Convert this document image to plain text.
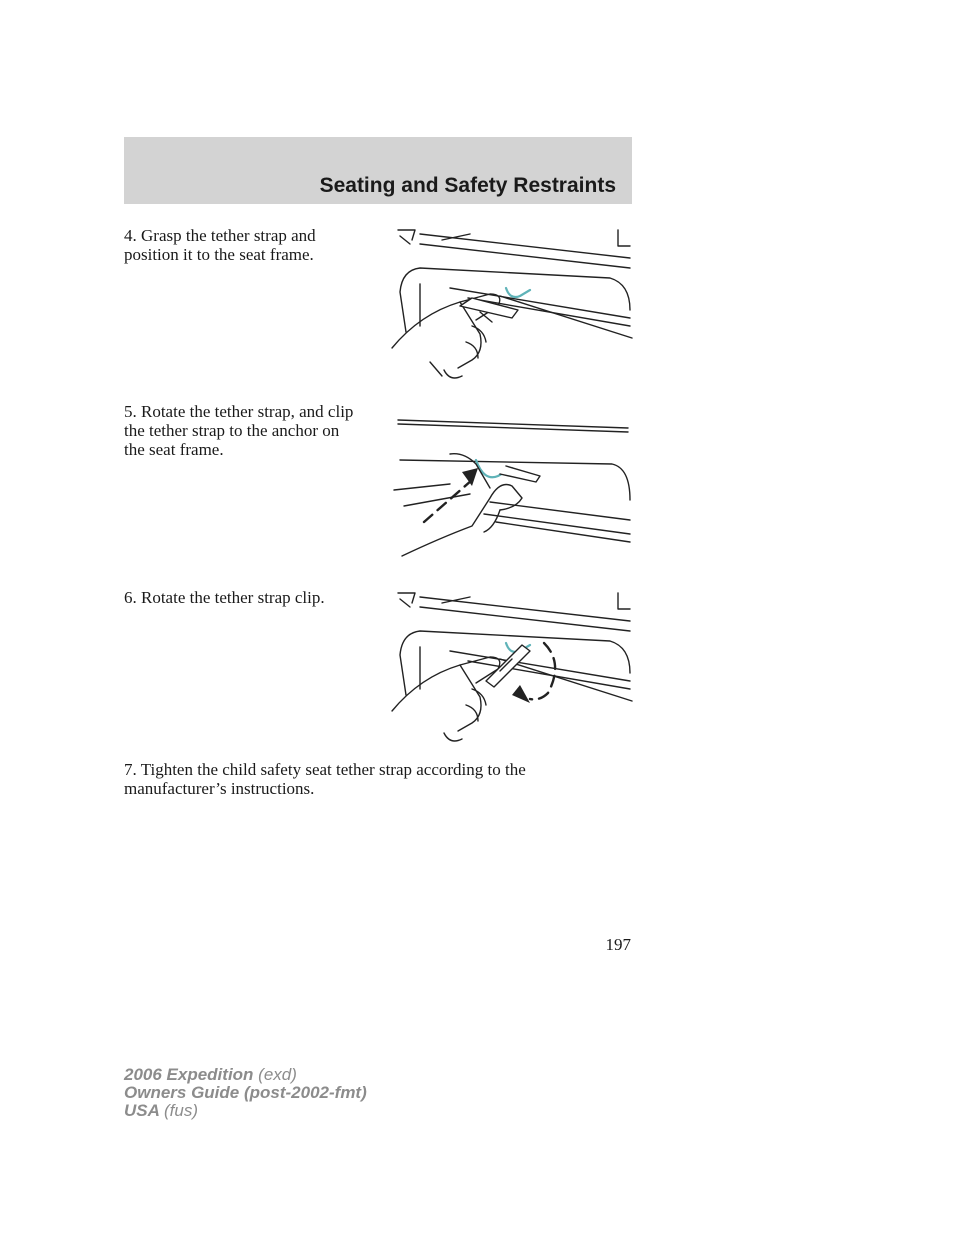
Seating and Safety Restraints

4. Grasp the tether strap and position it to the seat frame.

5. Rotate the tether strap, and clip the tether strap to the anchor on the seat frame.

6. Rotate the tether strap clip.

7. Tighten the child safety seat tether strap according to the manufacturer’s instructions.

197
2006 Expedition (exd)
Owners Guide (post-2002-fmt)
USA (fus)
